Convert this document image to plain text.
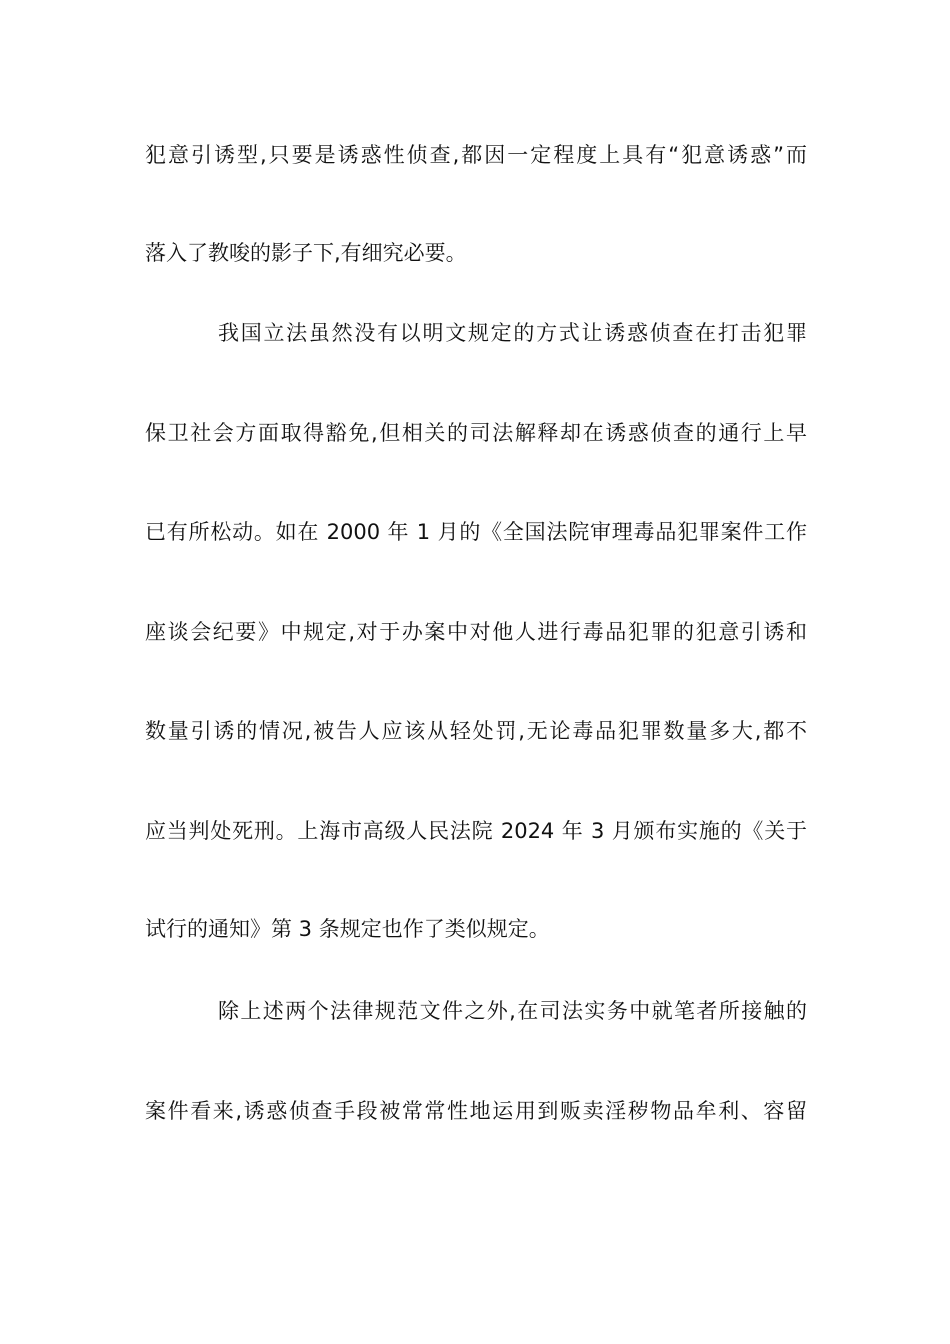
犯意引诱型,只要是诱惑性侦查,都因一定程度上具有“犯意诱惑”而
落入了教唆的影子下,有细究必要。
我国立法虽然没有以明文规定的方式让诱惑侦查在打击犯罪
保卫社会方面取得豁免,但相关的司法解释却在诱惑侦查的通行上早
已有所松动。如在 2000 年 1 月的《全国法院审理毒品犯罪案件工作
座谈会纪要》中规定,对于办案中对他人进行毒品犯罪的犯意引诱和
数量引诱的情况,被告人应该从轻处罚,无论毒品犯罪数量多大,都不
应当判处死刑。上海市高级人民法院 2024 年 3 月颁布实施的《关于
试行的通知》第 3 条规定也作了类似规定。
除上述两个法律规范文件之外,在司法实务中就笔者所接触的
案件看来,诱惑侦查手段被常常性地运用到贩卖淫秽物品牟利、容留
